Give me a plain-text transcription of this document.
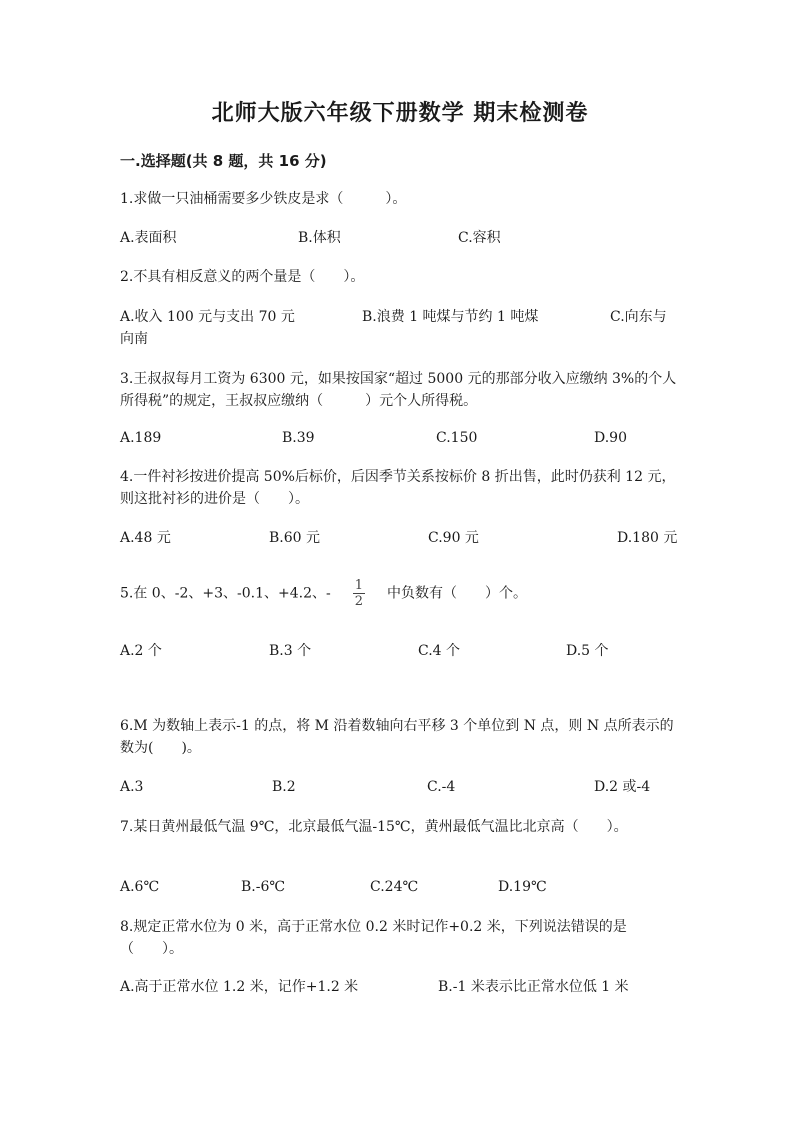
北师大版六年级下册数学 期末检测卷
一.选择题(共 8 题，共 16 分)
1.求做一只油桶需要多少铁皮是求（　　　）。
A.表面积	B.体积	C.容积
2.不具有相反意义的两个量是（　　）。
A.收入 100 元与支出 70 元	B.浪费 1 吨煤与节约 1 吨煤	C.向东与
向南
3.王叔叔每月工资为 6300 元，如果按国家“超过 5000 元的那部分收入应缴纳 3%的个人所得税”的规定，王叔叔应缴纳（　　　）元个人所得税。
A.189	B.39	C.150	D.90
4.一件衬衫按进价提高 50%后标价，后因季节关系按标价 8 折出售，此时仍获利 12 元，则这批衬衫的进价是（　　）。
A.48 元	B.60 元	C.90 元	D.180 元
5.在 0、-2、+3、-0.1、+4.2、- $\frac{1}{2}$ 中负数有（　　）个。
A.2 个	B.3 个	C.4 个	D.5 个
6.M 为数轴上表示-1 的点，将 M 沿着数轴向右平移 3 个单位到 N 点，则 N 点所表示的数为(　　)。
A.3	B.2	C.-4	D.2 或-4
7.某日黄州最低气温 9℃，北京最低气温-15℃，黄州最低气温比北京高（　　）。
A.6℃	B.-6℃	C.24℃	D.19℃
8.规定正常水位为 0 米，高于正常水位 0.2 米时记作+0.2 米，下列说法错误的是（　　）。
A.高于正常水位 1.2 米，记作+1.2 米	B.-1 米表示比正常水位低 1 米
